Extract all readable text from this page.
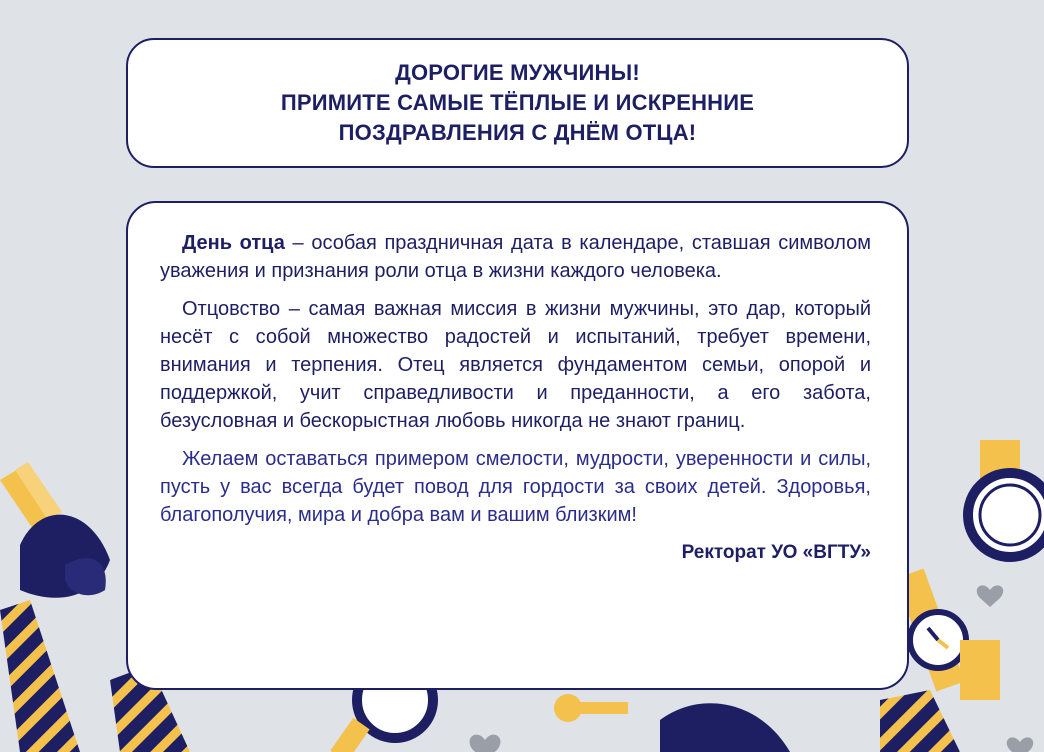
ДОРОГИЕ МУЖЧИНЫ!
ПРИМИТЕ САМЫЕ ТЁПЛЫЕ И ИСКРЕННИЕ
ПОЗДРАВЛЕНИЯ С ДНЁМ ОТЦА!

День отца – особая праздничная дата в календаре, ставшая символом уважения и признания роли отца в жизни каждого человека.

Отцовство – самая важная миссия в жизни мужчины, это дар, который несёт с собой множество радостей и испытаний, требует времени, внимания и терпения. Отец является фундаментом семьи, опорой и поддержкой, учит справедливости и преданности, а его забота, безусловная и бескорыстная любовь никогда не знают границ.

Желаем оставаться примером смелости, мудрости, уверенности и силы, пусть у вас всегда будет повод для гордости за своих детей. Здоровья, благополучия, мира и добра вам и вашим близким!

Ректорат УО «ВГТУ»
